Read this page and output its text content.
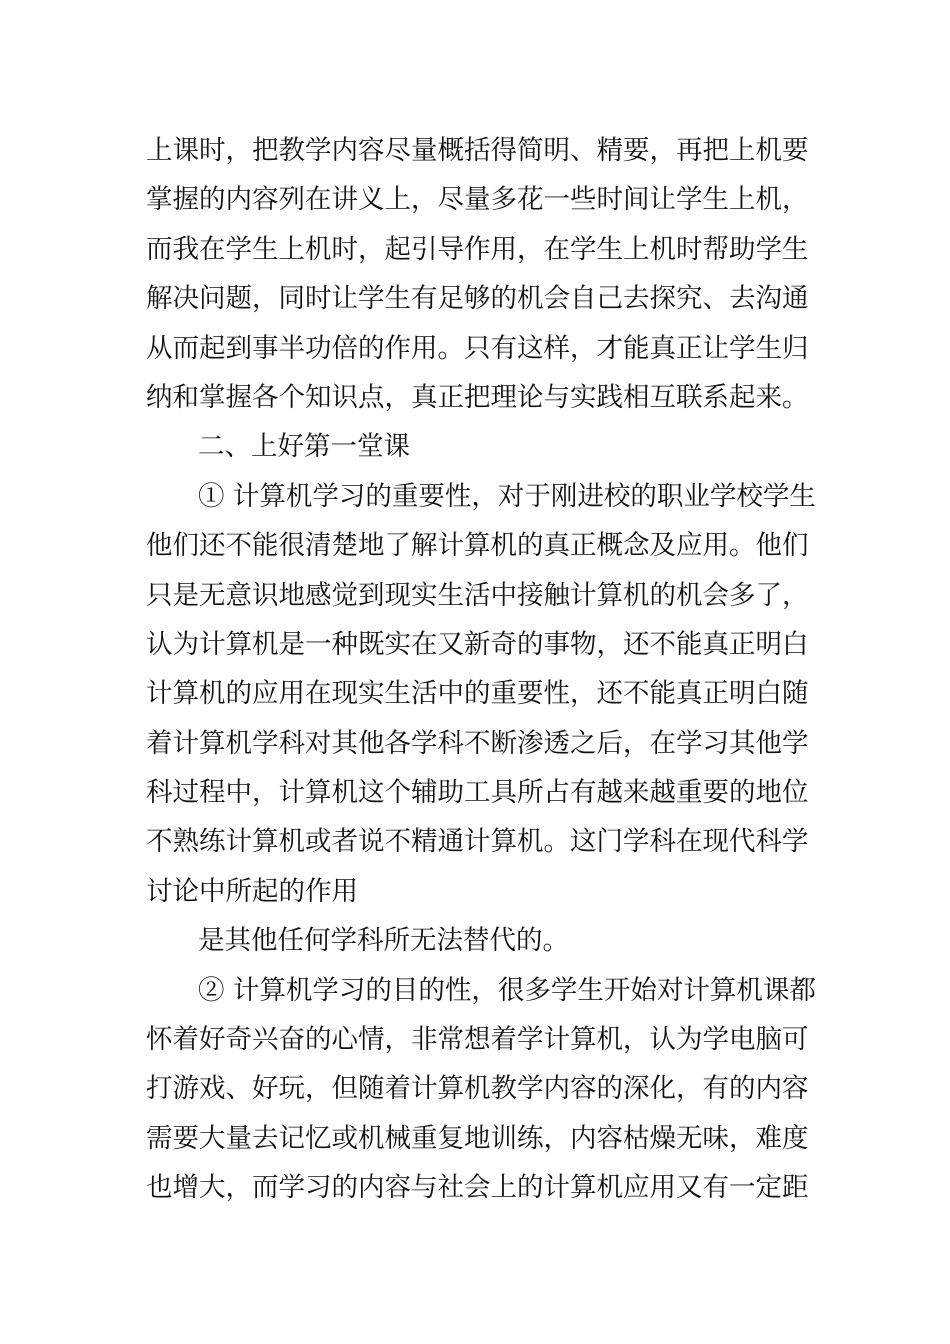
上课时，把教学内容尽量概括得简明、精要，再把上机要
掌握的内容列在讲义上，尽量多花一些时间让学生上机，
而我在学生上机时，起引导作用，在学生上机时帮助学生
解决问题，同时让学生有足够的机会自己去探究、去沟通
从而起到事半功倍的作用。只有这样，才能真正让学生归
纳和掌握各个知识点，真正把理论与实践相互联系起来。
二、上好第一堂课
① 计算机学习的重要性，对于刚进校的职业学校学生
他们还不能很清楚地了解计算机的真正概念及应用。他们
只是无意识地感觉到现实生活中接触计算机的机会多了，
认为计算机是一种既实在又新奇的事物，还不能真正明白
计算机的应用在现实生活中的重要性，还不能真正明白随
着计算机学科对其他各学科不断渗透之后，在学习其他学
科过程中，计算机这个辅助工具所占有越来越重要的地位
不熟练计算机或者说不精通计算机。这门学科在现代科学
讨论中所起的作用
是其他任何学科所无法替代的。
② 计算机学习的目的性，很多学生开始对计算机课都
怀着好奇兴奋的心情，非常想着学计算机，认为学电脑可
打游戏、好玩，但随着计算机教学内容的深化，有的内容
需要大量去记忆或机械重复地训练，内容枯燥无味，难度
也增大，而学习的内容与社会上的计算机应用又有一定距
